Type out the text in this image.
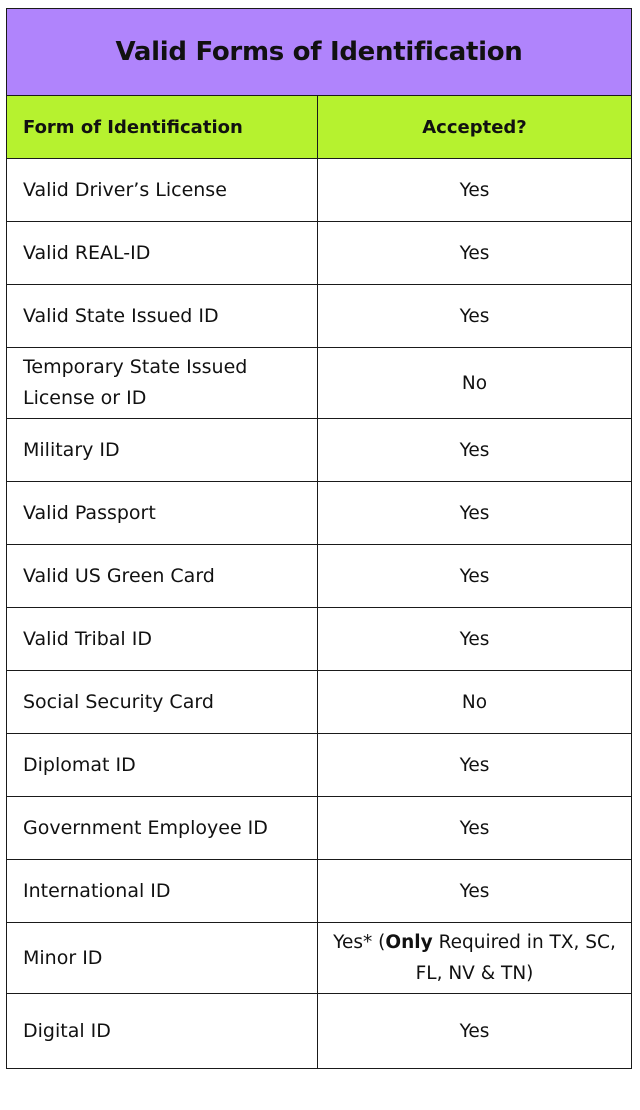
Valid Forms of Identification	
Form of Identification	Accepted?
Valid Driver’s License	Yes
Valid REAL-ID	Yes
Valid State Issued ID	Yes
Temporary State Issued License or ID	No
Military ID	Yes
Valid Passport	Yes
Valid US Green Card	Yes
Valid Tribal ID	Yes
Social Security Card	No
Diplomat ID	Yes
Government Employee ID	Yes
International ID	Yes
Minor ID	Yes* (Only Required in TX, SC, FL, NV & TN)
Digital ID	Yes
